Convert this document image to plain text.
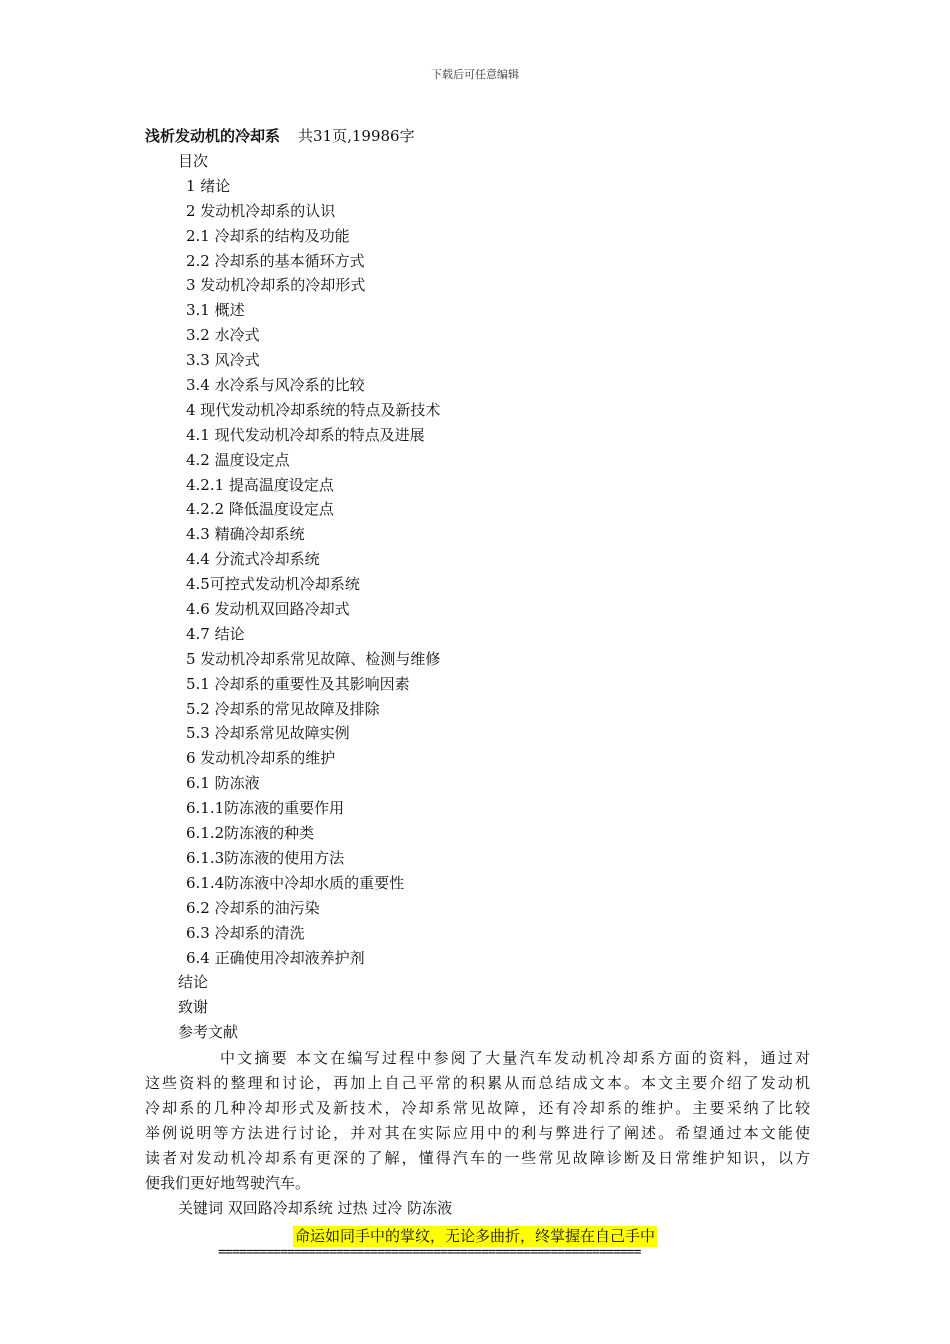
下载后可任意编辑
浅析发动机的冷却系 共31页,19986字
目次
1 绪论
2 发动机冷却系的认识
2.1 冷却系的结构及功能
2.2 冷却系的基本循环方式
3 发动机冷却系的冷却形式
3.1 概述
3.2 水冷式
3.3 风冷式
3.4 水冷系与风冷系的比较
4 现代发动机冷却系统的特点及新技术
4.1 现代发动机冷却系的特点及进展
4.2 温度设定点
4.2.1 提高温度设定点
4.2.2 降低温度设定点
4.3 精确冷却系统
4.4 分流式冷却系统
4.5可控式发动机冷却系统
4.6 发动机双回路冷却式
4.7 结论
5 发动机冷却系常见故障、检测与维修
5.1 冷却系的重要性及其影响因素
5.2 冷却系的常见故障及排除
5.3 冷却系常见故障实例
6 发动机冷却系的维护
6.1 防冻液
6.1.1防冻液的重要作用
6.1.2防冻液的种类
6.1.3防冻液的使用方法
6.1.4防冻液中冷却水质的重要性
6.2 冷却系的油污染
6.3 冷却系的清洗
6.4 正确使用冷却液养护剂
结论
致谢
参考文献
中文摘要 本文在编写过程中参阅了大量汽车发动机冷却系方面的资料，通过对
这些资料的整理和讨论，再加上自己平常的积累从而总结成文本。本文主要介绍了发动机
冷却系的几种冷却形式及新技术，冷却系常见故障，还有冷却系的维护。主要采纳了比较
举例说明等方法进行讨论，并对其在实际应用中的利与弊进行了阐述。希望通过本文能使
读者对发动机冷却系有更深的了解，懂得汽车的一些常见故障诊断及日常维护知识，以方
便我们更好地驾驶汽车。
关键词 双回路冷却系统 过热 过冷 防冻液
命运如同手中的掌纹，无论多曲折，终掌握在自己手中
=============================================================
